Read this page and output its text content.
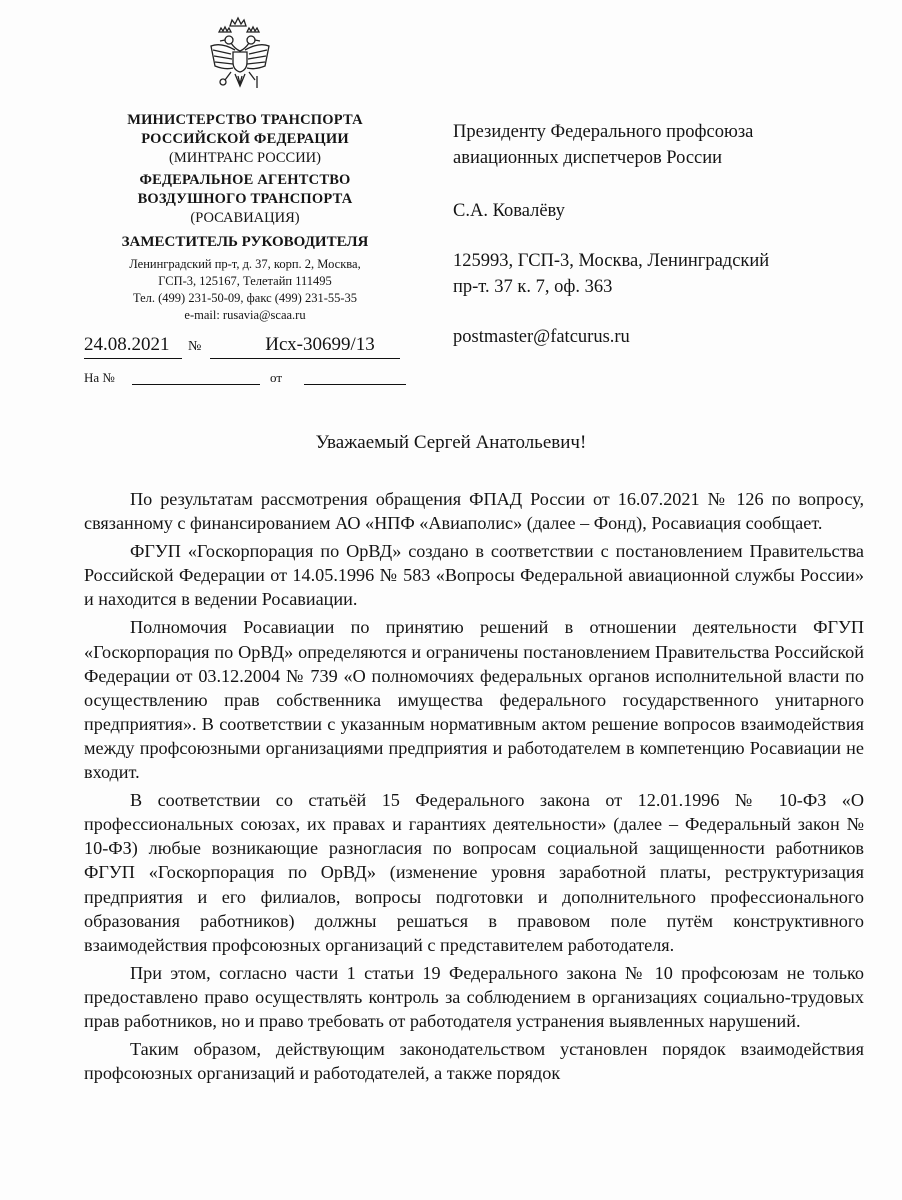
МИНИСТЕРСТВО ТРАНСПОРТА
РОССИЙСКОЙ ФЕДЕРАЦИИ
(МИНТРАНС РОССИИ)
ФЕДЕРАЛЬНОЕ АГЕНТСТВО
ВОЗДУШНОГО ТРАНСПОРТА
(РОСАВИАЦИЯ)
ЗАМЕСТИТЕЛЬ РУКОВОДИТЕЛЯ
Ленинградский пр-т, д. 37, корп. 2, Москва,
ГСП-3, 125167, Телетайп 111495
Тел. (499) 231-50-09, факс (499) 231-55-35
e-mail: rusavia@scaa.ru
24.08.2021 №	Исх-30699/13
На №	от
Президенту Федерального профсоюза
авиационных диспетчеров России
С.А. Ковалёву
125993, ГСП-3, Москва, Ленинградский
пр-т. 37 к. 7, оф. 363
postmaster@fatcurus.ru
Уважаемый Сергей Анатольевич!

По результатам рассмотрения обращения ФПАД России от 16.07.2021 № 126 по вопросу, связанному с финансированием АО «НПФ «Авиаполис» (далее – Фонд), Росавиация сообщает.

ФГУП «Госкорпорация по ОрВД» создано в соответствии с постановлением Правительства Российской Федерации от 14.05.1996 № 583 «Вопросы Федеральной авиационной службы России» и находится в ведении Росавиации.

Полномочия Росавиации по принятию решений в отношении деятельности ФГУП «Госкорпорация по ОрВД» определяются и ограничены постановлением Правительства Российской Федерации от 03.12.2004 № 739 «О полномочиях федеральных органов исполнительной власти по осуществлению прав собственника имущества федерального государственного унитарного предприятия». В соответствии с указанным нормативным актом решение вопросов взаимодействия между профсоюзными организациями предприятия и работодателем в компетенцию Росавиации не входит.

В соответствии со статьёй 15 Федерального закона от 12.01.1996 № 10-ФЗ «О профессиональных союзах, их правах и гарантиях деятельности» (далее – Федеральный закон № 10-ФЗ) любые возникающие разногласия по вопросам социальной защищенности работников ФГУП «Госкорпорация по ОрВД» (изменение уровня заработной платы, реструктуризация предприятия и его филиалов, вопросы подготовки и дополнительного профессионального образования работников) должны решаться в правовом поле путём конструктивного взаимодействия профсоюзных организаций с представителем работодателя.

При этом, согласно части 1 статьи 19 Федерального закона № 10 профсоюзам не только предоставлено право осуществлять контроль за соблюдением в организациях социально-трудовых прав работников, но и право требовать от работодателя устранения выявленных нарушений.

Таким образом, действующим законодательством установлен порядок взаимодействия профсоюзных организаций и работодателей, а также порядок
